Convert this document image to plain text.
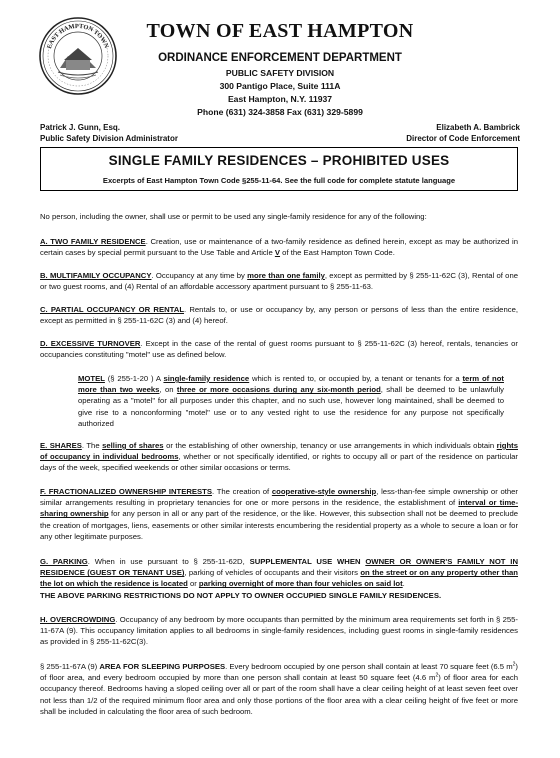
EAST HAMPTON TOWN
TOWN OF EAST HAMPTON
ORDINANCE ENFORCEMENT DEPARTMENT
PUBLIC SAFETY DIVISION
300 Pantigo Place, Suite 111A
East Hampton, N.Y. 11937
Phone (631) 324-3858 Fax (631) 329-5899
Patrick J. Gunn, Esq.
Public Safety Division Administrator
Elizabeth A. Bambrick
Director of Code Enforcement
SINGLE FAMILY RESIDENCES – PROHIBITED USES
Excerpts of East Hampton Town Code §255-11-64. See the full code for complete statute language
No person, including the owner, shall use or permit to be used any single-family residence for any of the following:
A. TWO FAMILY RESIDENCE. Creation, use or maintenance of a two-family residence as defined herein, except as may be authorized in certain cases by special permit pursuant to the Use Table and Article V of the East Hampton Town Code.
B. MULTIFAMILY OCCUPANCY. Occupancy at any time by more than one family, except as permitted by § 255-11-62C (3), Rental of one or two guest rooms, and (4) Rental of an affordable accessory apartment pursuant to § 255-11-63.
C. PARTIAL OCCUPANCY OR RENTAL. Rentals to, or use or occupancy by, any person or persons of less than the entire residence, except as permitted in § 255-11-62C (3) and (4) hereof.
D. EXCESSIVE TURNOVER. Except in the case of the rental of guest rooms pursuant to § 255-11-62C (3) hereof, rentals, tenancies or occupancies constituting "motel" use as defined below.
MOTEL (§ 255-1-20 ) A single-family residence which is rented to, or occupied by, a tenant or tenants for a term of not more than two weeks, on three or more occasions during any six-month period, shall be deemed to be unlawfully operating as a "motel" for all purposes under this chapter, and no such use, however long maintained, shall be deemed to give rise to a nonconforming "motel" use or to any vested right to use the residence for any purpose not specifically authorized
E. SHARES. The selling of shares or the establishing of other ownership, tenancy or use arrangements in which individuals obtain rights of occupancy in individual bedrooms, whether or not specifically identified, or rights to occupy all or part of the residence on particular days of the week, specified weekends or other similar occasions or terms.
F. FRACTIONALIZED OWNERSHIP INTERESTS. The creation of cooperative-style ownership, less-than-fee simple ownership or other similar arrangements resulting in proprietary tenancies for one or more persons in the residence, the establishment of interval or time-sharing ownership for any person in all or any part of the residence, or the like. However, this subsection shall not be deemed to preclude the creation of mortgages, liens, easements or other similar interests encumbering the residential property as a whole to secure a loan or for any other legitimate purposes.
G. PARKING. When in use pursuant to § 255-11-62D, SUPPLEMENTAL USE WHEN OWNER OR OWNER'S FAMILY NOT IN RESIDENCE (GUEST OR TENANT USE), parking of vehicles of occupants and their visitors on the street or on any property other than the lot on which the residence is located or parking overnight of more than four vehicles on said lot.
THE ABOVE PARKING RESTRICTIONS DO NOT APPLY TO OWNER OCCUPIED SINGLE FAMILY RESIDENCES.
H. OVERCROWDING. Occupancy of any bedroom by more occupants than permitted by the minimum area requirements set forth in § 255-11-67A (9). This occupancy limitation applies to all bedrooms in single-family residences, including guest rooms in single-family residences as provided in § 255-11-62C(3).
§ 255-11-67A (9) AREA FOR SLEEPING PURPOSES. Every bedroom occupied by one person shall contain at least 70 square feet (6.5 $m^2$) of floor area, and every bedroom occupied by more than one person shall contain at least 50 square feet (4.6 $m^2$) of floor area for each occupancy thereof. Bedrooms having a sloped ceiling over all or part of the room shall have a clear ceiling height of at least seven feet over not less than 1/2 of the required minimum floor area and only those portions of the floor area with a clear ceiling height of five feet or more shall be included in calculating the floor area of such bedroom.
